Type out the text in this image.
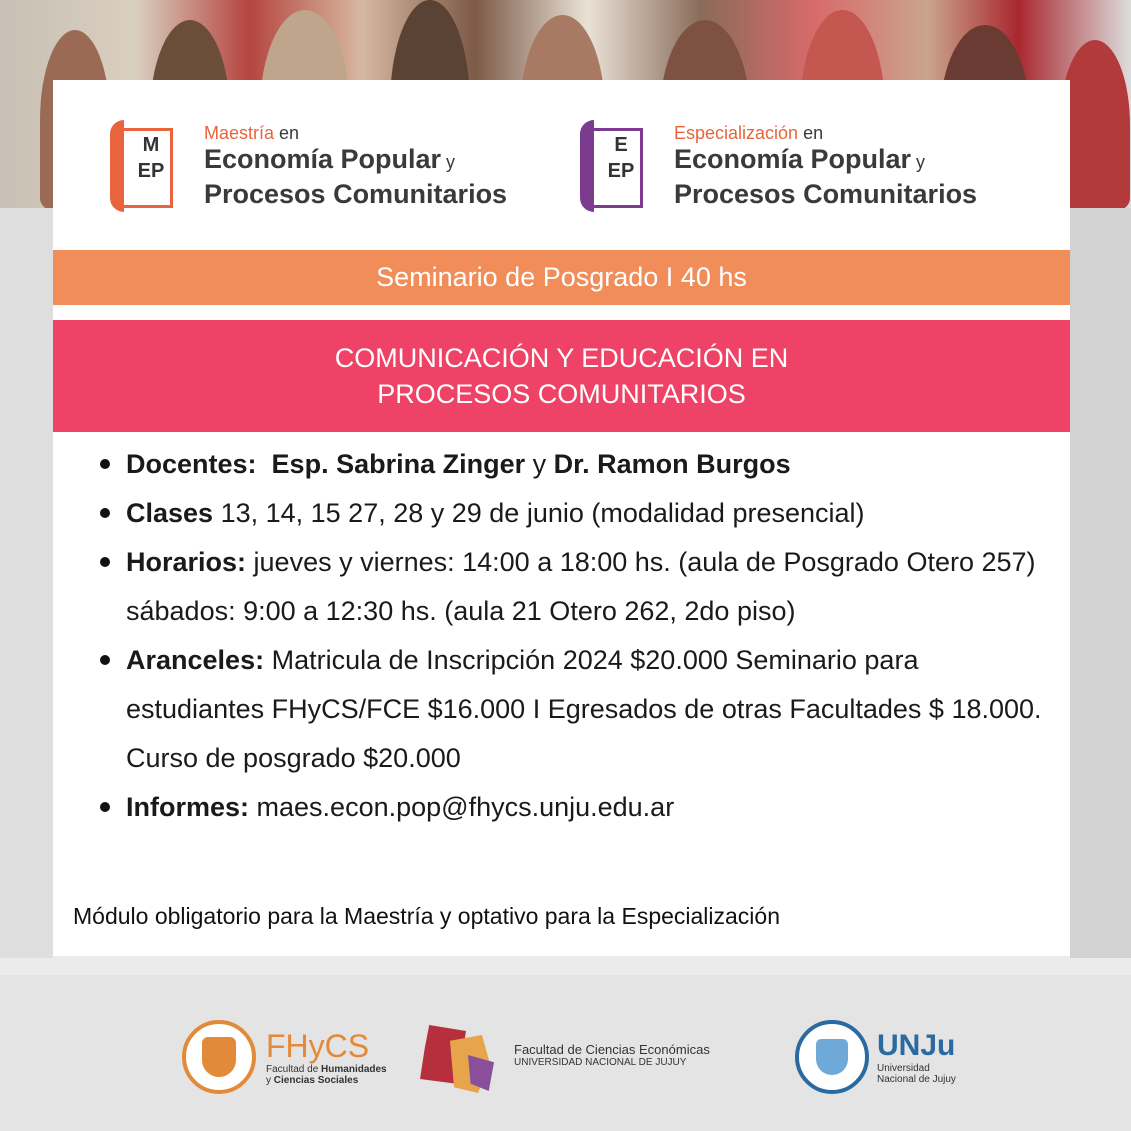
M
EP
Maestría en
Economía Popular y
Procesos Comunitarios
E
EP
Especialización en
Economía Popular y
Procesos Comunitarios
Seminario de Posgrado I 40 hs
COMUNICACIÓN Y EDUCACIÓN EN
PROCESOS COMUNITARIOS
Docentes: Esp. Sabrina Zinger y Dr. Ramon Burgos
Clases 13, 14, 15 27, 28 y 29 de junio (modalidad presencial)
Horarios: jueves y viernes: 14:00 a 18:00 hs. (aula de Posgrado Otero 257) sábados: 9:00 a 12:30 hs. (aula 21 Otero 262, 2do piso)
Aranceles: Matricula de Inscripción 2024 $20.000 Seminario para estudiantes FHyCS/FCE $16.000 I Egresados de otras Facultades $ 18.000. Curso de posgrado $20.000
Informes: maes.econ.pop@fhycs.unju.edu.ar
Módulo obligatorio para la Maestría y optativo para la Especialización
FHyCS
Facultad de Humanidades
y Ciencias Sociales
Facultad de Ciencias Económicas
UNIVERSIDAD NACIONAL DE JUJUY
UNJu
Universidad
Nacional de Jujuy
